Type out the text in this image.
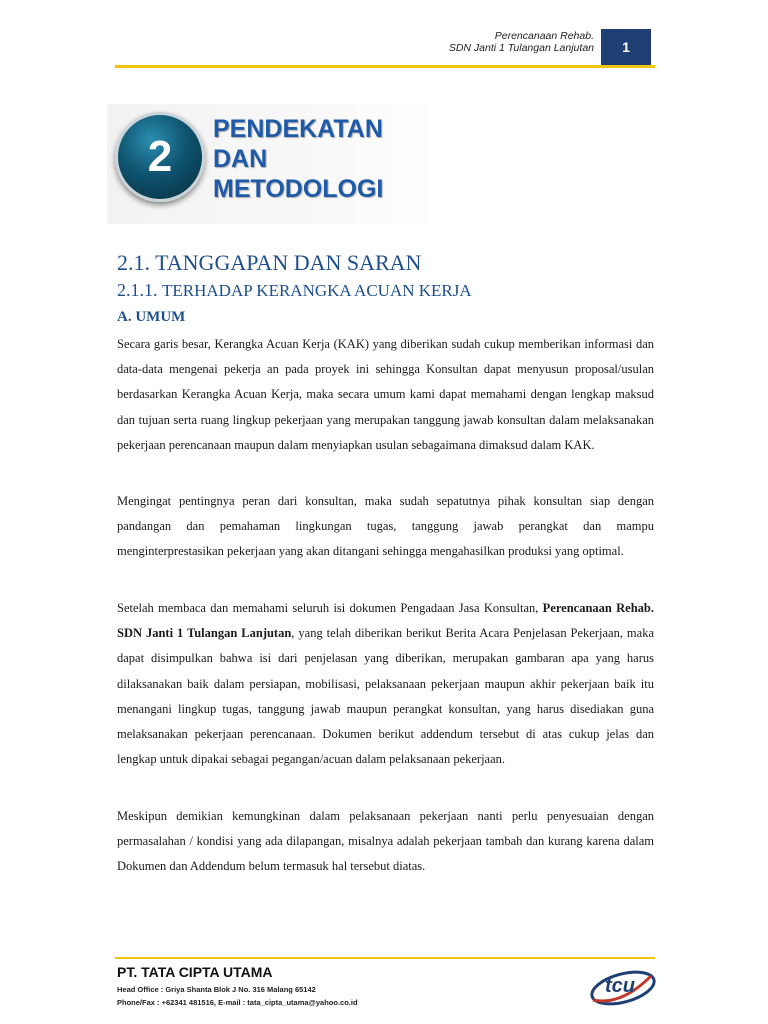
Perencanaan Rehab.
SDN Janti 1 Tulangan Lanjutan	1
2
PENDEKATAN
DAN
METODOLOGI
2.1. TANGGAPAN DAN SARAN
2.1.1. TERHADAP KERANGKA ACUAN KERJA
A. UMUM

Secara garis besar, Kerangka Acuan Kerja (KAK) yang diberikan sudah cukup memberikan informasi dan data-data mengenai pekerja an pada proyek ini sehingga Konsultan dapat menyusun proposal/usulan berdasarkan Kerangka Acuan Kerja, maka secara umum kami dapat memahami dengan lengkap maksud dan tujuan serta ruang lingkup pekerjaan yang merupakan tanggung jawab konsultan dalam melaksanakan pekerjaan perencanaan maupun dalam menyiapkan usulan sebagaimana dimaksud dalam KAK.

Mengingat pentingnya peran dari konsultan, maka sudah sepatutnya pihak konsultan siap dengan pandangan dan pemahaman lingkungan tugas, tanggung jawab perangkat dan mampu menginterprestasikan pekerjaan yang akan ditangani sehingga mengahasilkan produksi yang optimal.

Setelah membaca dan memahami seluruh isi dokumen Pengadaan Jasa Konsultan, Perencanaan Rehab. SDN Janti 1 Tulangan Lanjutan, yang telah diberikan berikut Berita Acara Penjelasan Pekerjaan, maka dapat disimpulkan bahwa isi dari penjelasan yang diberikan, merupakan gambaran apa yang harus dilaksanakan baik dalam persiapan, mobilisasi, pelaksanaan pekerjaan maupun akhir pekerjaan baik itu menangani lingkup tugas, tanggung jawab maupun perangkat konsultan, yang harus disediakan guna melaksanakan pekerjaan perencanaan. Dokumen berikut addendum tersebut di atas cukup jelas dan lengkap untuk dipakai sebagai pegangan/acuan dalam pelaksanaan pekerjaan.

Meskipun demikian kemungkinan dalam pelaksanaan pekerjaan nanti perlu penyesuaian dengan permasalahan / kondisi yang ada dilapangan, misalnya adalah pekerjaan tambah dan kurang karena dalam Dokumen dan Addendum belum termasuk hal tersebut diatas.

PT. TATA CIPTA UTAMA
Head Office : Griya Shanta Blok J No. 316 Malang 65142
Phone/Fax : +62341 481516, E-mail : tata_cipta_utama@yahoo.co.id
tcu
